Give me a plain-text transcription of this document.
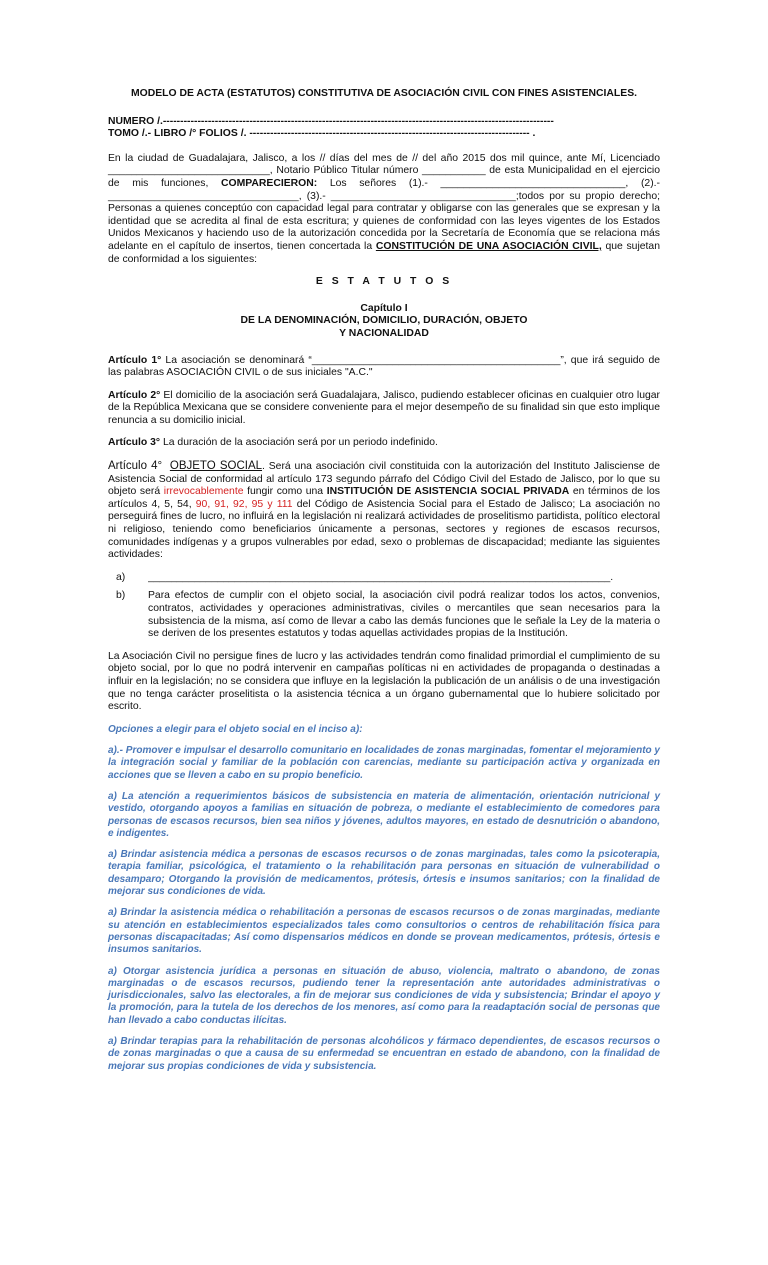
MODELO DE ACTA (ESTATUTOS) CONSTITUTIVA DE ASOCIACIÓN CIVIL CON FINES ASISTENCIALES.
NÚMERO /.-----------------------------------------------------------------------------------------------------------------
TOMO /.- LIBRO /° FOLIOS /. --------------------------------------------------------------------------------- .

En la ciudad de Guadalajara, Jalisco, a los // días del mes de // del año 2015 dos mil quince, ante Mí, Licenciado ____________________________, Notario Público Titular número ___________ de esta Municipalidad en el ejercicio de mis funciones, COMPARECIERON: Los señores (1).- ________________________________, (2).- _________________________________, (3).- ________________________________;todos por su propio derecho; Personas a quienes conceptúo con capacidad legal para contratar y obligarse con las generales que se expresan y la identidad que se acredita al final de esta escritura; y quienes de conformidad con las leyes vigentes de los Estados Unidos Mexicanos y haciendo uso de la autorización concedida por la Secretaría de Economía que se relaciona más adelante en el capítulo de insertos, tienen concertada la CONSTITUCIÓN DE UNA ASOCIACIÓN CIVIL, que sujetan de conformidad a los siguientes:

E S T A T U T O S
Capítulo I
DE LA DENOMINACIÓN, DOMICILIO, DURACIÓN, OBJETO
Y NACIONALIDAD

Artículo 1° La asociación se denominará “___________________________________________”, que irá seguido de las palabras ASOCIACIÓN CIVIL o de sus iniciales "A.C."

Artículo 2° El domicilio de la asociación será Guadalajara, Jalisco, pudiendo establecer oficinas en cualquier otro lugar de la República Mexicana que se considere conveniente para el mejor desempeño de su finalidad sin que esto implique renuncia a su domicilio inicial.

Artículo 3° La duración de la asociación será por un periodo indefinido.

Artículo 4° OBJETO SOCIAL. Será una asociación civil constituida con la autorización del Instituto Jalisciense de Asistencia Social de conformidad al artículo 173 segundo párrafo del Código Civil del Estado de Jalisco, por lo que su objeto será irrevocablemente fungir como una INSTITUCIÓN DE ASISTENCIA SOCIAL PRIVADA en términos de los artículos 4, 5, 54, 90, 91, 92, 95 y 111 del Código de Asistencia Social para el Estado de Jalisco; La asociación no perseguirá fines de lucro, no influirá en la legislación ni realizará actividades de proselitismo partidista, político electoral ni religioso, teniendo como beneficiarios únicamente a personas, sectores y regiones de escasos recursos, comunidades indígenas y a grupos vulnerables por edad, sexo o problemas de discapacidad; mediante las siguientes actividades:

a)	________________________________________________________________________________.
b)	Para efectos de cumplir con el objeto social, la asociación civil podrá realizar todos los actos, convenios, contratos, actividades y operaciones administrativas, civiles o mercantiles que sean necesarios para la subsistencia de la misma, así como de llevar a cabo las demás funciones que le señale la Ley de la materia o se deriven de los presentes estatutos y todas aquellas actividades propias de la Institución.

La Asociación Civil no persigue fines de lucro y las actividades tendrán como finalidad primordial el cumplimiento de su objeto social, por lo que no podrá intervenir en campañas políticas ni en actividades de propaganda o destinadas a influir en la legislación; no se considera que influye en la legislación la publicación de un análisis o de una investigación que no tenga carácter proselitista o la asistencia técnica a un órgano gubernamental que lo hubiere solicitado por escrito.

Opciones a elegir para el objeto social en el inciso a):

a).- Promover e impulsar el desarrollo comunitario en localidades de zonas marginadas, fomentar el mejoramiento y la integración social y familiar de la población con carencias, mediante su participación activa y organizada en acciones que se lleven a cabo en su propio beneficio.

a) La atención a requerimientos básicos de subsistencia en materia de alimentación, orientación nutricional y vestido, otorgando apoyos a familias en situación de pobreza, o mediante el establecimiento de comedores para personas de escasos recursos, bien sea niños y jóvenes, adultos mayores, en estado de desnutrición o abandono, e indigentes.

a) Brindar asistencia médica a personas de escasos recursos o de zonas marginadas, tales como la psicoterapia, terapia familiar, psicológica, el tratamiento o la rehabilitación para personas en situación de vulnerabilidad o desamparo; Otorgando la provisión de medicamentos, prótesis, órtesis e insumos sanitarios; con la finalidad de mejorar sus condiciones de vida.

a) Brindar la asistencia médica o rehabilitación a personas de escasos recursos o de zonas marginadas, mediante su atención en establecimientos especializados tales como consultorios o centros de rehabilitación física para personas discapacitadas; Así como dispensarios médicos en donde se provean medicamentos, prótesis, órtesis e insumos sanitarios.

a) Otorgar asistencia jurídica a personas en situación de abuso, violencia, maltrato o abandono, de zonas marginadas o de escasos recursos, pudiendo tener la representación ante autoridades administrativas o jurisdiccionales, salvo las electorales, a fin de mejorar sus condiciones de vida y subsistencia; Brindar el apoyo y la promoción, para la tutela de los derechos de los menores, así como para la readaptación social de personas que han llevado a cabo conductas ilícitas.

a) Brindar terapias para la rehabilitación de personas alcohólicos y fármaco dependientes, de escasos recursos o de zonas marginadas o que a causa de su enfermedad se encuentran en estado de abandono, con la finalidad de mejorar sus propias condiciones de vida y subsistencia.
